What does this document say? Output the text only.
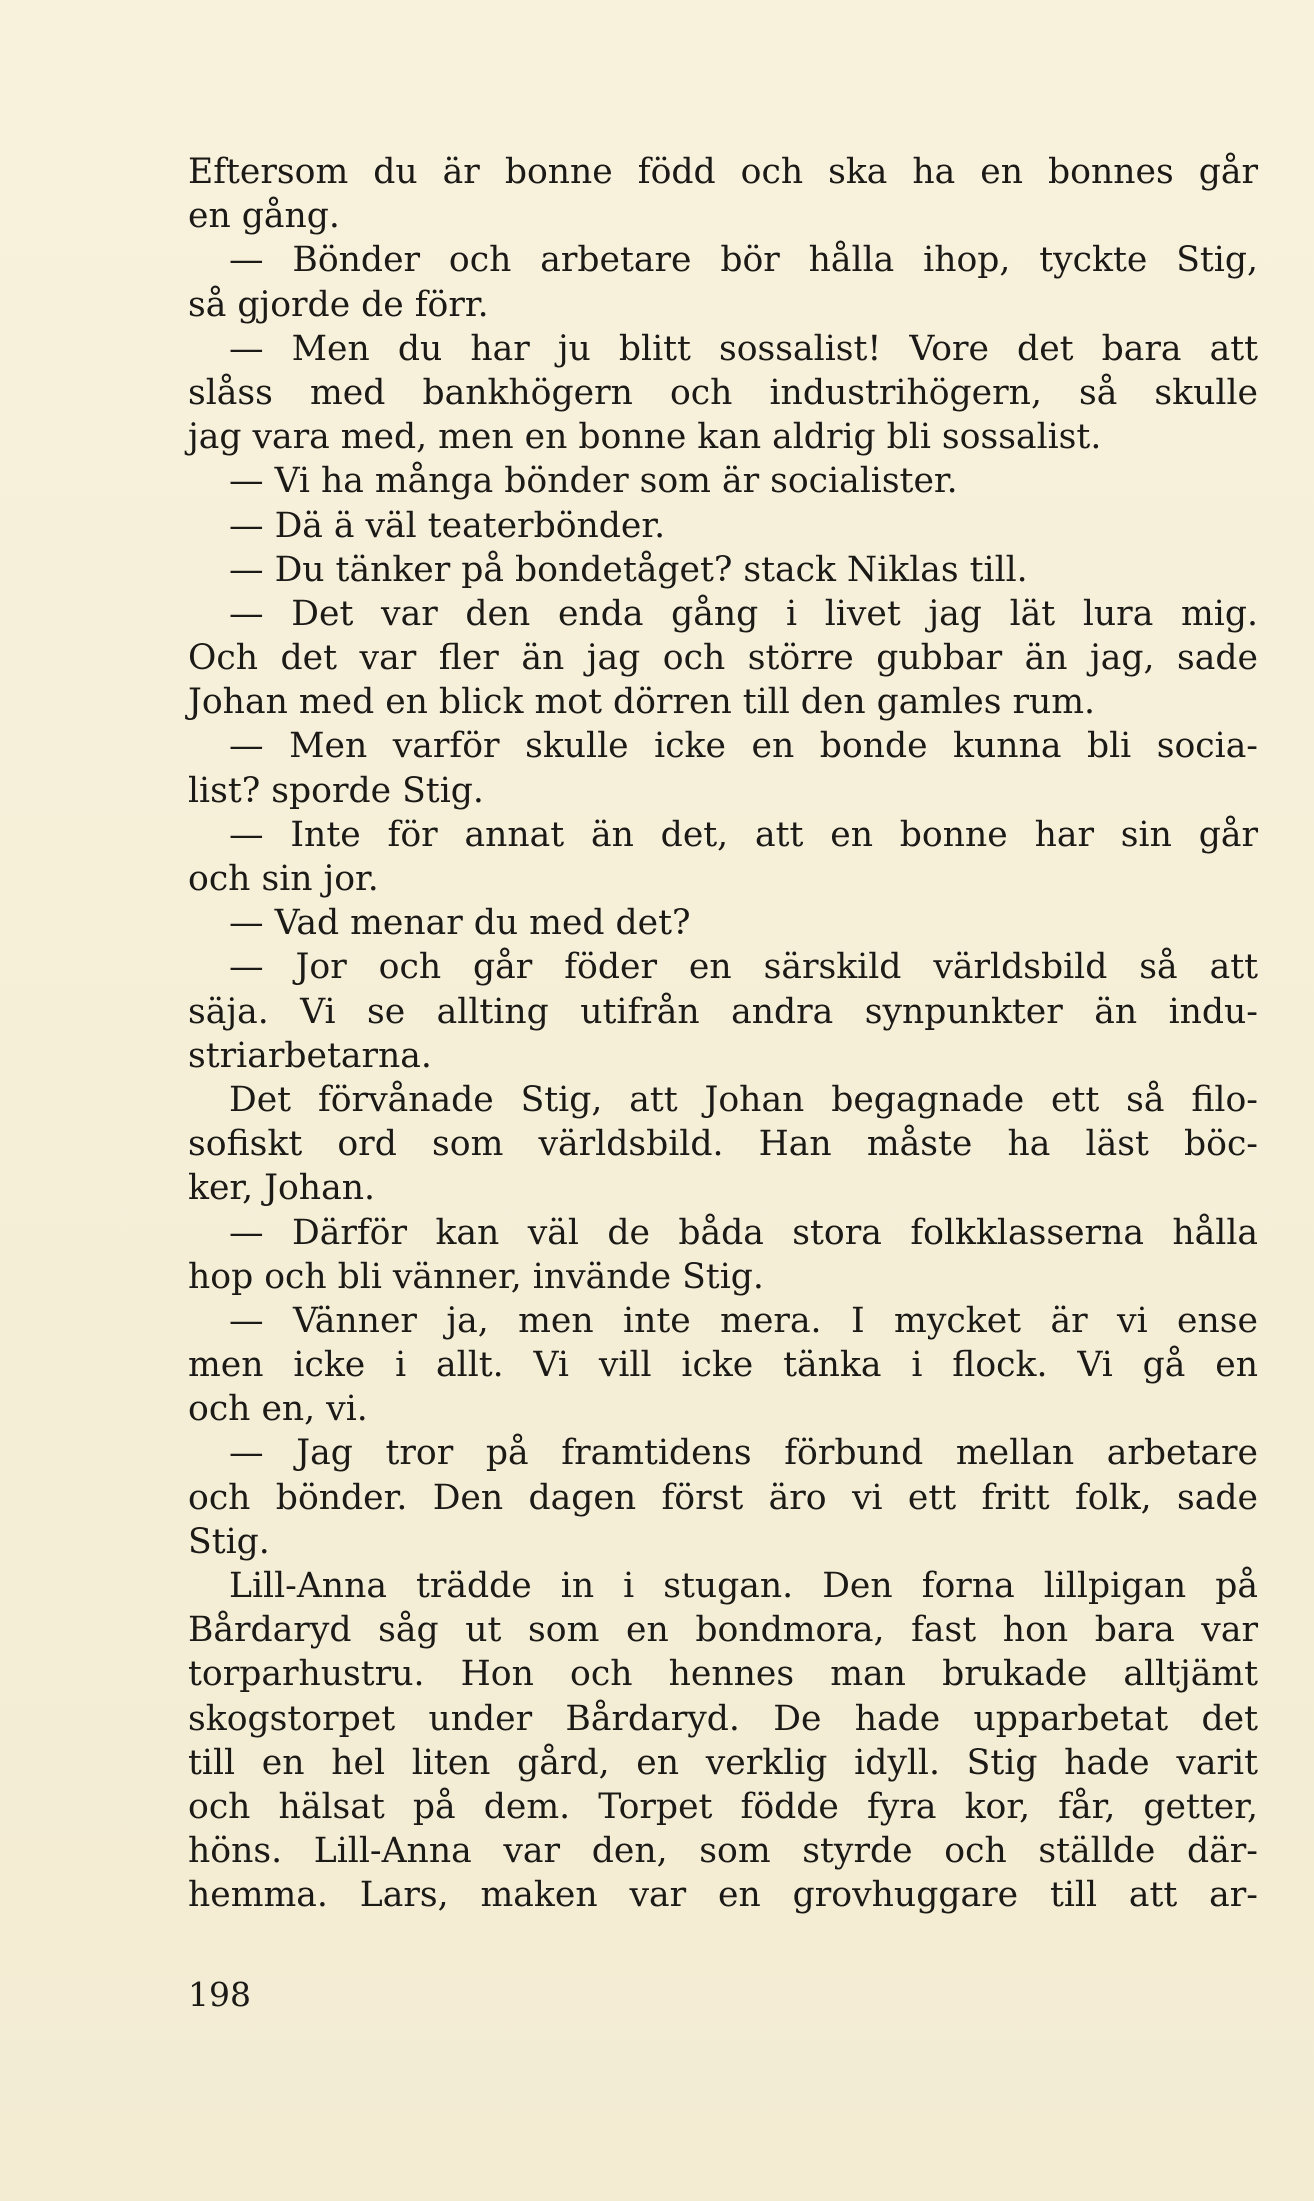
Eftersom du är bonne född och ska ha en bonnes går
en gång.
— Bönder och arbetare bör hålla ihop, tyckte Stig,
så gjorde de förr.
— Men du har ju blitt sossalist! Vore det bara att
slåss med bankhögern och industrihögern, så skulle
jag vara med, men en bonne kan aldrig bli sossalist.
— Vi ha många bönder som är socialister.
— Dä ä väl teaterbönder.
— Du tänker på bondetåget? stack Niklas till.
— Det var den enda gång i livet jag lät lura mig.
Och det var fler än jag och större gubbar än jag, sade
Johan med en blick mot dörren till den gamles rum.
— Men varför skulle icke en bonde kunna bli socia-
list? sporde Stig.
— Inte för annat än det, att en bonne har sin går
och sin jor.
— Vad menar du med det?
— Jor och går föder en särskild världsbild så att
säja. Vi se allting utifrån andra synpunkter än indu-
striarbetarna.
Det förvånade Stig, att Johan begagnade ett så filo-
sofiskt ord som världsbild. Han måste ha läst böc-
ker, Johan.
— Därför kan väl de båda stora folkklasserna hålla
hop och bli vänner, invände Stig.
— Vänner ja, men inte mera. I mycket är vi ense
men icke i allt. Vi vill icke tänka i flock. Vi gå en
och en, vi.
— Jag tror på framtidens förbund mellan arbetare
och bönder. Den dagen först äro vi ett fritt folk, sade
Stig.
Lill-Anna trädde in i stugan. Den forna lillpigan på
Bårdaryd såg ut som en bondmora, fast hon bara var
torparhustru. Hon och hennes man brukade alltjämt
skogstorpet under Bårdaryd. De hade upparbetat det
till en hel liten gård, en verklig idyll. Stig hade varit
och hälsat på dem. Torpet födde fyra kor, får, getter,
höns. Lill-Anna var den, som styrde och ställde där-
hemma. Lars, maken var en grovhuggare till att ar-
198
